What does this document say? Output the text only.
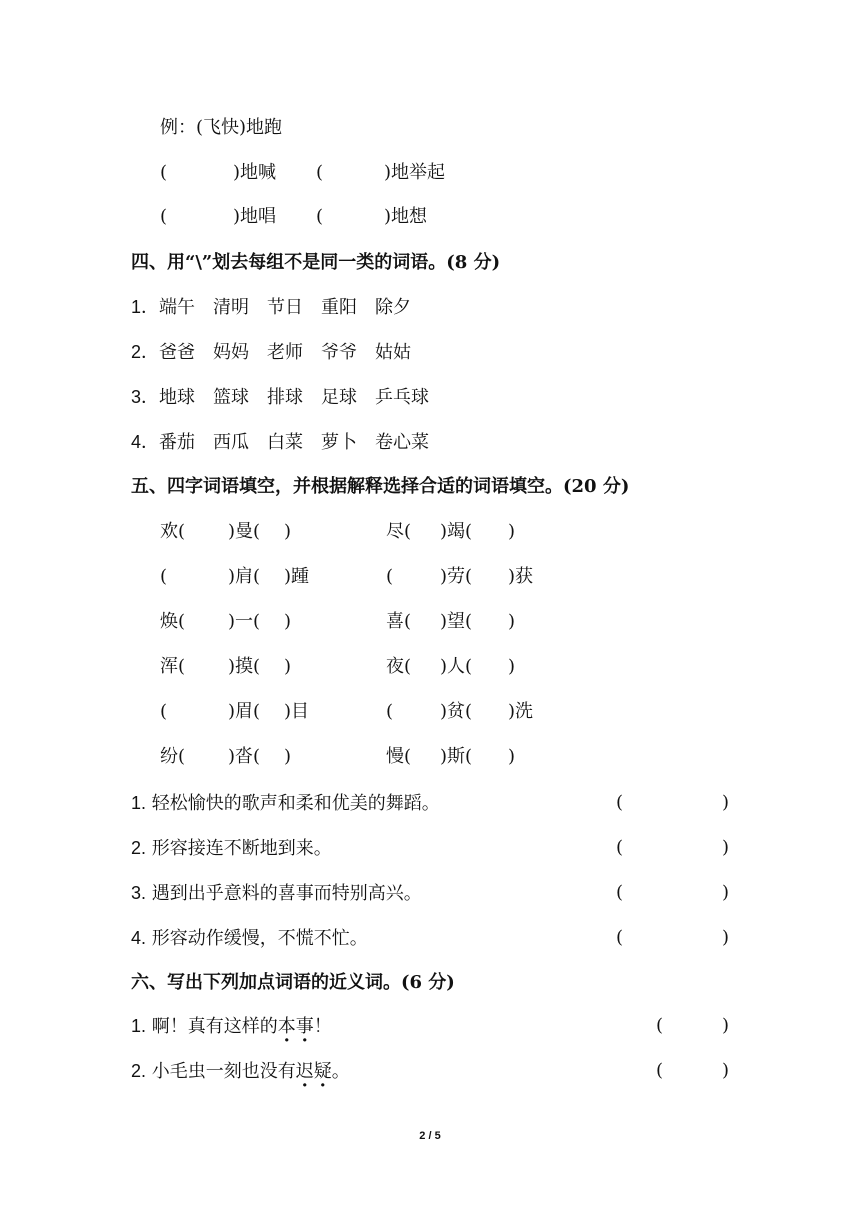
例：(飞快)地跑
(	)地喊 (	)地举起
(	)地唱 (	)地想
四、用“\”划去每组不是同一类的词语。(8 分)
1．端午　清明　节日　重阳　除夕
2．爸爸　妈妈　老师　爷爷　姑姑
3．地球　篮球　排球　足球　乒乓球
4．番茄　西瓜　白菜　萝卜　卷心菜
五、四字词语填空，并根据解释选择合适的词语填空。(20 分)
欢( )曼( )	尽( )竭( )
(	)肩( )踵	(	)劳( )获
焕( )一( )	喜( )望( )
浑( )摸( )	夜( )人( )
(	)眉( )目	(	)贫( )洗
纷( )沓( )	慢( )斯( )
1. 轻松愉快的歌声和柔和优美的舞蹈。	(	)
2. 形容接连不断地到来。	(	)
3. 遇到出乎意料的喜事而特别高兴。	(	)
4. 形容动作缓慢，不慌不忙。	(	)
六、写出下列加点词语的近义词。(6 分)
1. 啊！真有这样的本事！	(	)
2. 小毛虫一刻也没有迟疑。	(	)
2 / 5
